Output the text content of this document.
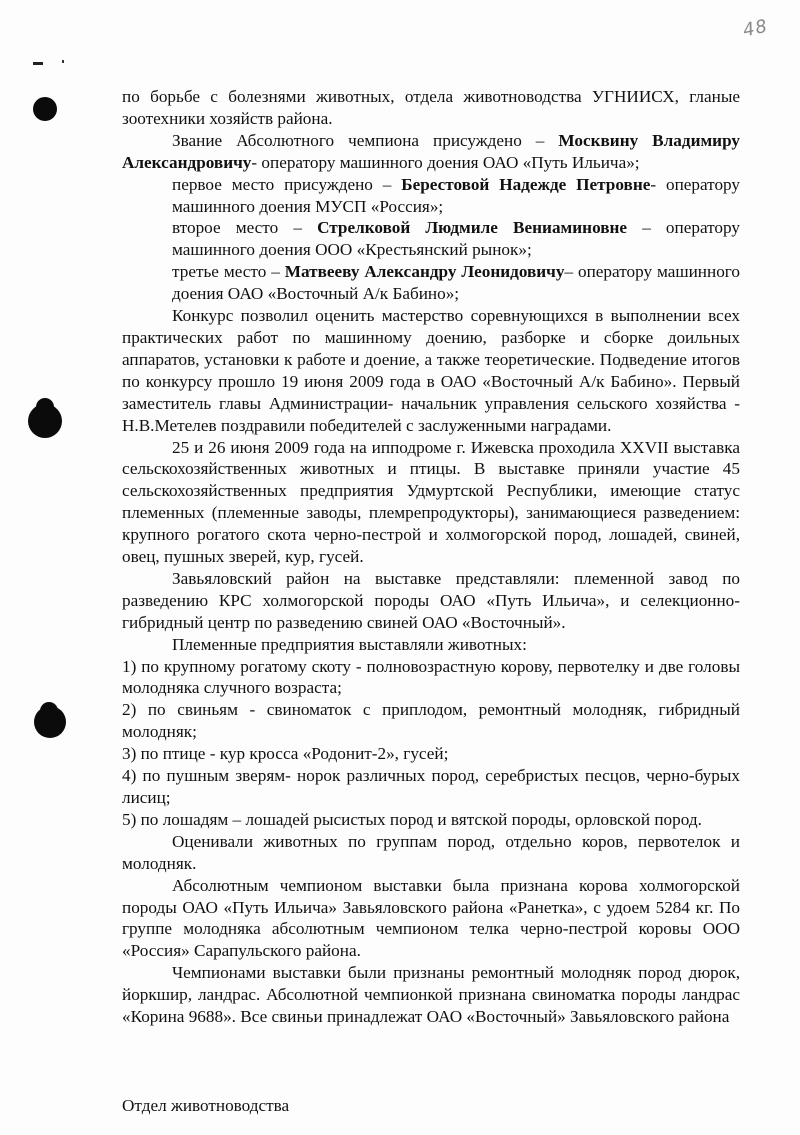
48

по борьбе с болезнями животных, отдела животноводства УГНИИСХ, гланые зоотехники хозяйств района.

Звание Абсолютного чемпиона присуждено – Москвину Владимиру Александровичу- оператору машинного доения ОАО «Путь Ильича»;

первое место присуждено – Берестовой Надежде Петровне- оператору машинного доения МУСП «Россия»;

второе место – Стрелковой Людмиле Вениаминовне – оператору машинного доения ООО «Крестьянский рынок»;

третье место – Матвееву Александру Леонидовичу– оператору машинного доения ОАО «Восточный А/к Бабино»;

Конкурс позволил оценить мастерство соревнующихся в выполнении всех практических работ по машинному доению, разборке и сборке доильных аппаратов, установки к работе и доение, а также теоретические. Подведение итогов по конкурсу прошло 19 июня 2009 года в ОАО «Восточный А/к Бабино». Первый заместитель главы Администрации- начальник управления сельского хозяйства - Н.В.Метелев поздравили победителей с заслуженными наградами.

25 и 26 июня 2009 года на ипподроме г. Ижевска проходила XXVII выставка сельскохозяйственных животных и птицы. В выставке приняли участие 45 сельскохозяйственных предприятия Удмуртской Республики, имеющие статус племенных (племенные заводы, племрепродукторы), занимающиеся разведением: крупного рогатого скота черно-пестрой и холмогорской пород, лошадей, свиней, овец, пушных зверей, кур, гусей.

Завьяловский район на выставке представляли: племенной завод по разведению КРС холмогорской породы ОАО «Путь Ильича», и селекционно-гибридный центр по разведению свиней ОАО «Восточный».

Племенные предприятия выставляли животных:

1) по крупному рогатому скоту - полновозрастную корову, первотелку и две головы молодняка случного возраста;

2) по свиньям - свиноматок с приплодом, ремонтный молодняк, гибридный молодняк;

3) по птице - кур кросса «Родонит-2», гусей;

4) по пушным зверям- норок различных пород, серебристых песцов, черно-бурых лисиц;

5) по лошадям – лошадей рысистых пород и вятской породы, орловской пород.

Оценивали животных по группам пород, отдельно коров, первотелок и молодняк.

Абсолютным чемпионом выставки была признана корова холмогорской породы ОАО «Путь Ильича» Завьяловского района «Ранетка», с удоем 5284 кг. По группе молодняка абсолютным чемпионом телка черно-пестрой коровы ООО «Россия» Сарапульского района.

Чемпионами выставки были признаны ремонтный молодняк пород дюрок, йоркшир, ландрас. Абсолютной чемпионкой признана свиноматка породы ландрас «Корина 9688». Все свиньи принадлежат ОАО «Восточный» Завьяловского района

Отдел животноводства
